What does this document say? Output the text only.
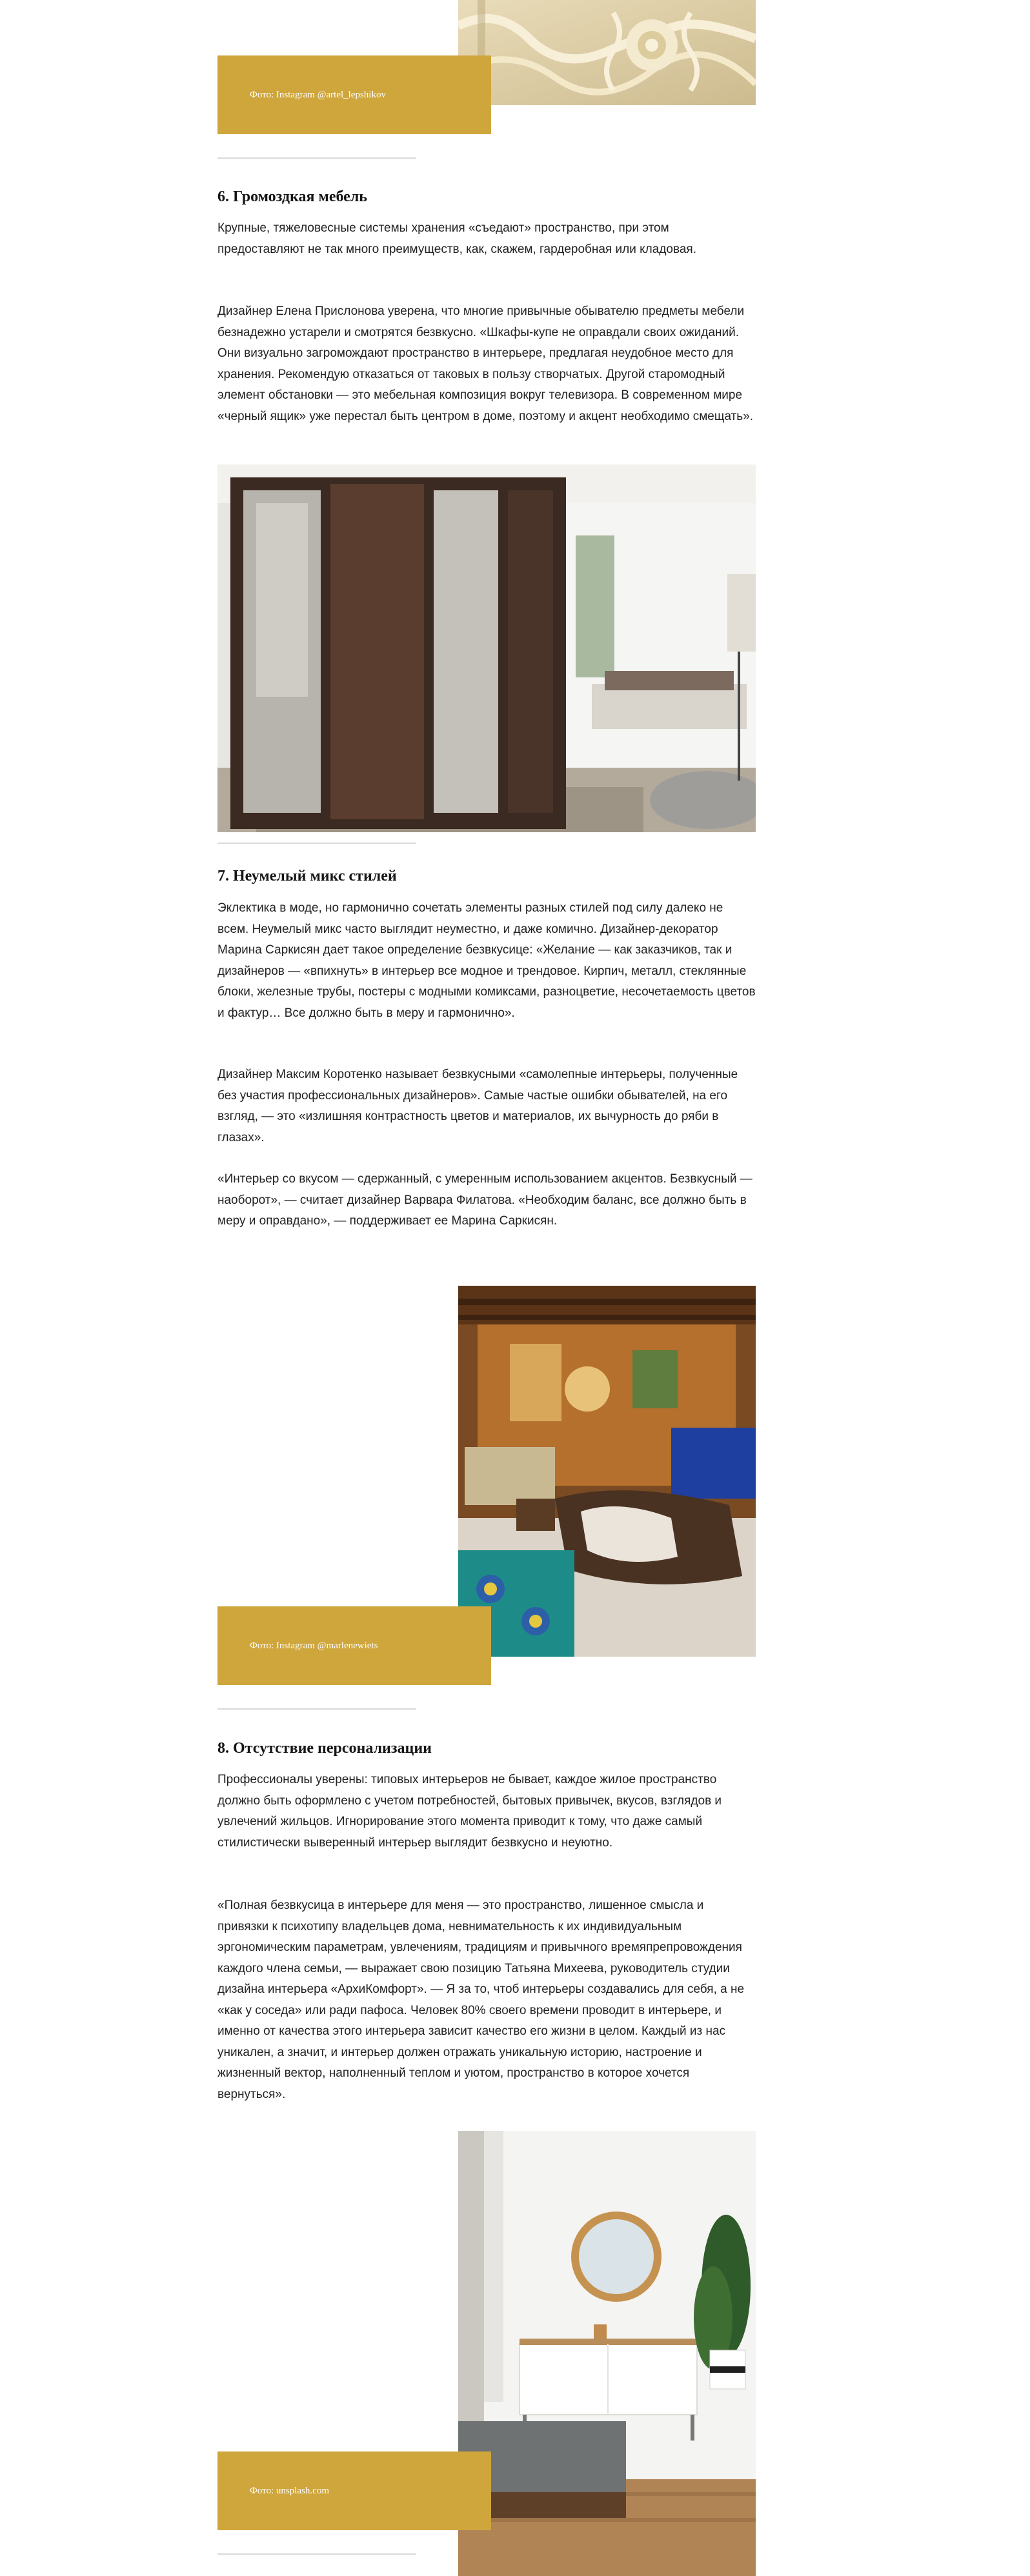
Фото: Instagram @artel_lepshikov
6. Громоздкая мебель

Крупные, тяжеловесные системы хранения «съедают» пространство, при этом предоставляют не так много преимуществ, как, скажем, гардеробная или кладовая.

Дизайнер Елена Прислонова уверена, что многие привычные обывателю предметы мебели безнадежно устарели и смотрятся безвкусно. «Шкафы-купе не оправдали своих ожиданий. Они визуально загромождают пространство в интерьере, предлагая неудобное место для хранения. Рекомендую отказаться от таковых в пользу створчатых. Другой старомодный элемент обстановки — это мебельная композиция вокруг телевизора. В современном мире «черный ящик» уже перестал быть центром в доме, поэтому и акцент необходимо смещать».

7. Неумелый микс стилей

Эклектика в моде, но гармонично сочетать элементы разных стилей под силу далеко не всем. Неумелый микс часто выглядит неуместно, и даже комично. Дизайнер-декоратор Марина Саркисян дает такое определение безвкусице: «Желание — как заказчиков, так и дизайнеров — «впихнуть» в интерьер все модное и трендовое. Кирпич, металл, стеклянные блоки, железные трубы, постеры с модными комиксами, разноцветие, несочетаемость цветов и фактур… Все должно быть в меру и гармонично».

Дизайнер Максим Коротенко называет безвкусными «самолепные интерьеры, полученные без участия профессиональных дизайнеров». Самые частые ошибки обывателей, на его взгляд, — это «излишняя контрастность цветов и материалов, их вычурность до ряби в глазах».

«Интерьер со вкусом — сдержанный, с умеренным использованием акцентов. Безвкусный — наоборот», — считает дизайнер Варвара Филатова. «Необходим баланс, все должно быть в меру и оправдано», — поддерживает ее Марина Саркисян.

Фото: Instagram @marlenewiets
8. Отсутствие персонализации

Профессионалы уверены: типовых интерьеров не бывает, каждое жилое пространство должно быть оформлено с учетом потребностей, бытовых привычек, вкусов, взглядов и увлечений жильцов. Игнорирование этого момента приводит к тому, что даже самый стилистически выверенный интерьер выглядит безвкусно и неуютно.

«Полная безвкусица в интерьере для меня — это пространство, лишенное смысла и привязки к психотипу владельцев дома, невнимательность к их индивидуальным эргономическим параметрам, увлечениям, традициям и привычного времяпрепровождения каждого члена семьи, — выражает свою позицию Татьяна Михеева, руководитель студии дизайна интерьера «АрхиКомфорт». — Я за то, чтоб интерьеры создавались для себя, а не «как у соседа» или ради пафоса. Человек 80% своего времени проводит в интерьере, и именно от качества этого интерьера зависит качество его жизни в целом. Каждый из нас уникален, а значит, и интерьер должен отражать уникальную историю, настроение и жизненный вектор, наполненный теплом и уютом, пространство в которое хочется вернуться».

Фото: unsplash.com
